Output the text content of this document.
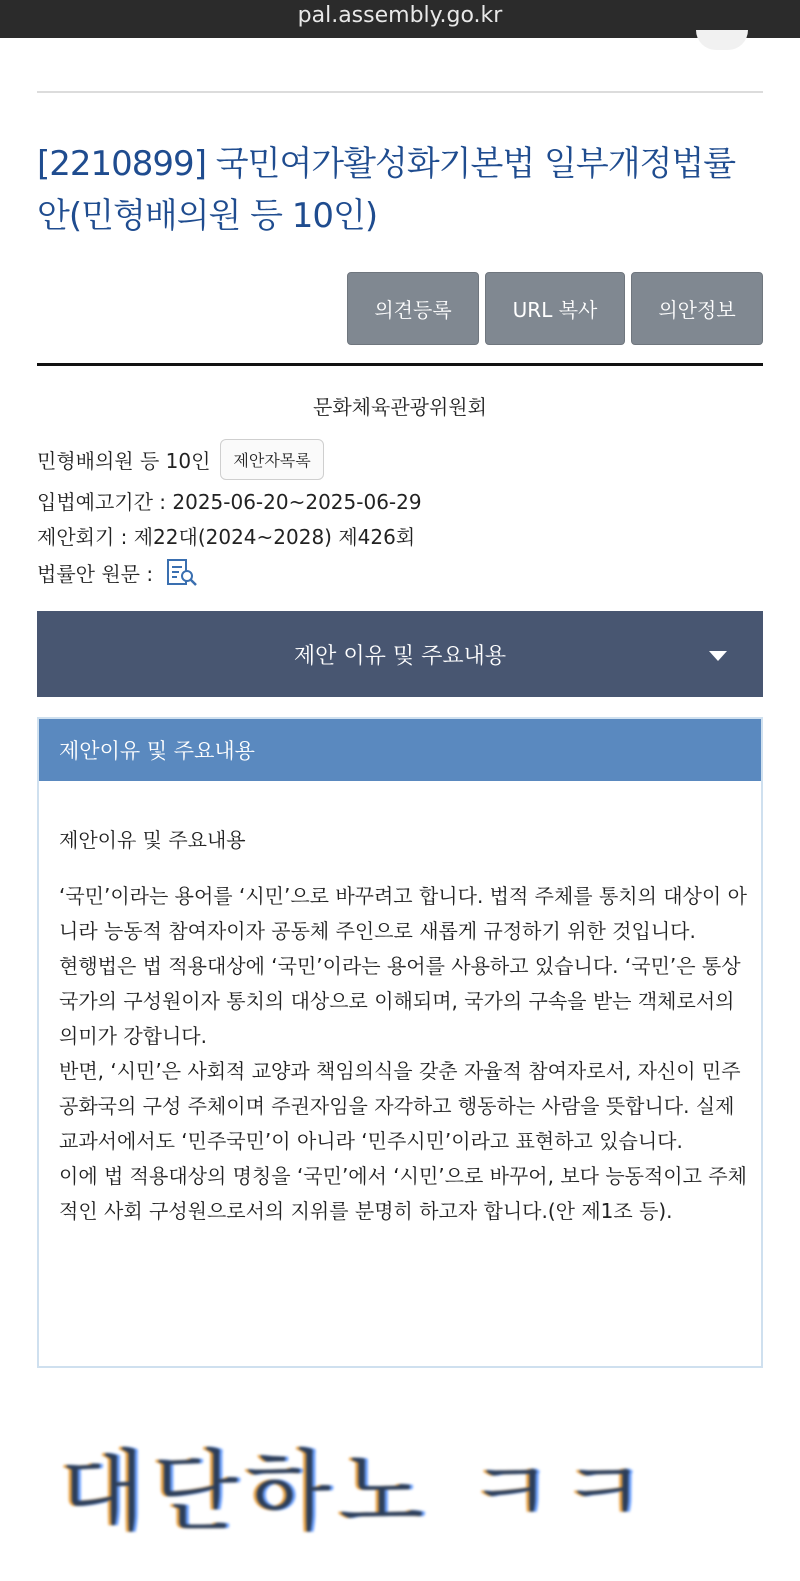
pal.assembly.go.kr
[2210899] 국민여가활성화기본법 일부개정법률안(민형배의원 등 10인)
의견등록	URL 복사	의안정보
문화체육관광위원회
민형배의원 등 10인	제안자목록
입법예고기간 : 2025-06-20~2025-06-29
제안회기 : 제22대(2024~2028) 제426회
법률안 원문 :
제안 이유 및 주요내용
제안이유 및 주요내용
제안이유 및 주요내용

‘국민’이라는 용어를 ‘시민’으로 바꾸려고 합니다. 법적 주체를 통치의 대상이 아니라 능동적 참여자이자 공동체 주인으로 새롭게 규정하기 위한 것입니다.

현행법은 법 적용대상에 ‘국민’이라는 용어를 사용하고 있습니다. ‘국민’은 통상 국가의 구성원이자 통치의 대상으로 이해되며, 국가의 구속을 받는 객체로서의 의미가 강합니다.

반면, ‘시민’은 사회적 교양과 책임의식을 갖춘 자율적 참여자로서, 자신이 민주공화국의 구성 주체이며 주권자임을 자각하고 행동하는 사람을 뜻합니다. 실제 교과서에서도 ‘민주국민’이 아니라 ‘민주시민’이라고 표현하고 있습니다.

이에 법 적용대상의 명칭을 ‘국민’에서 ‘시민’으로 바꾸어, 보다 능동적이고 주체적인 사회 구성원으로서의 지위를 분명히 하고자 합니다.(안 제1조 등).

대단하노 ㅋㅋ
